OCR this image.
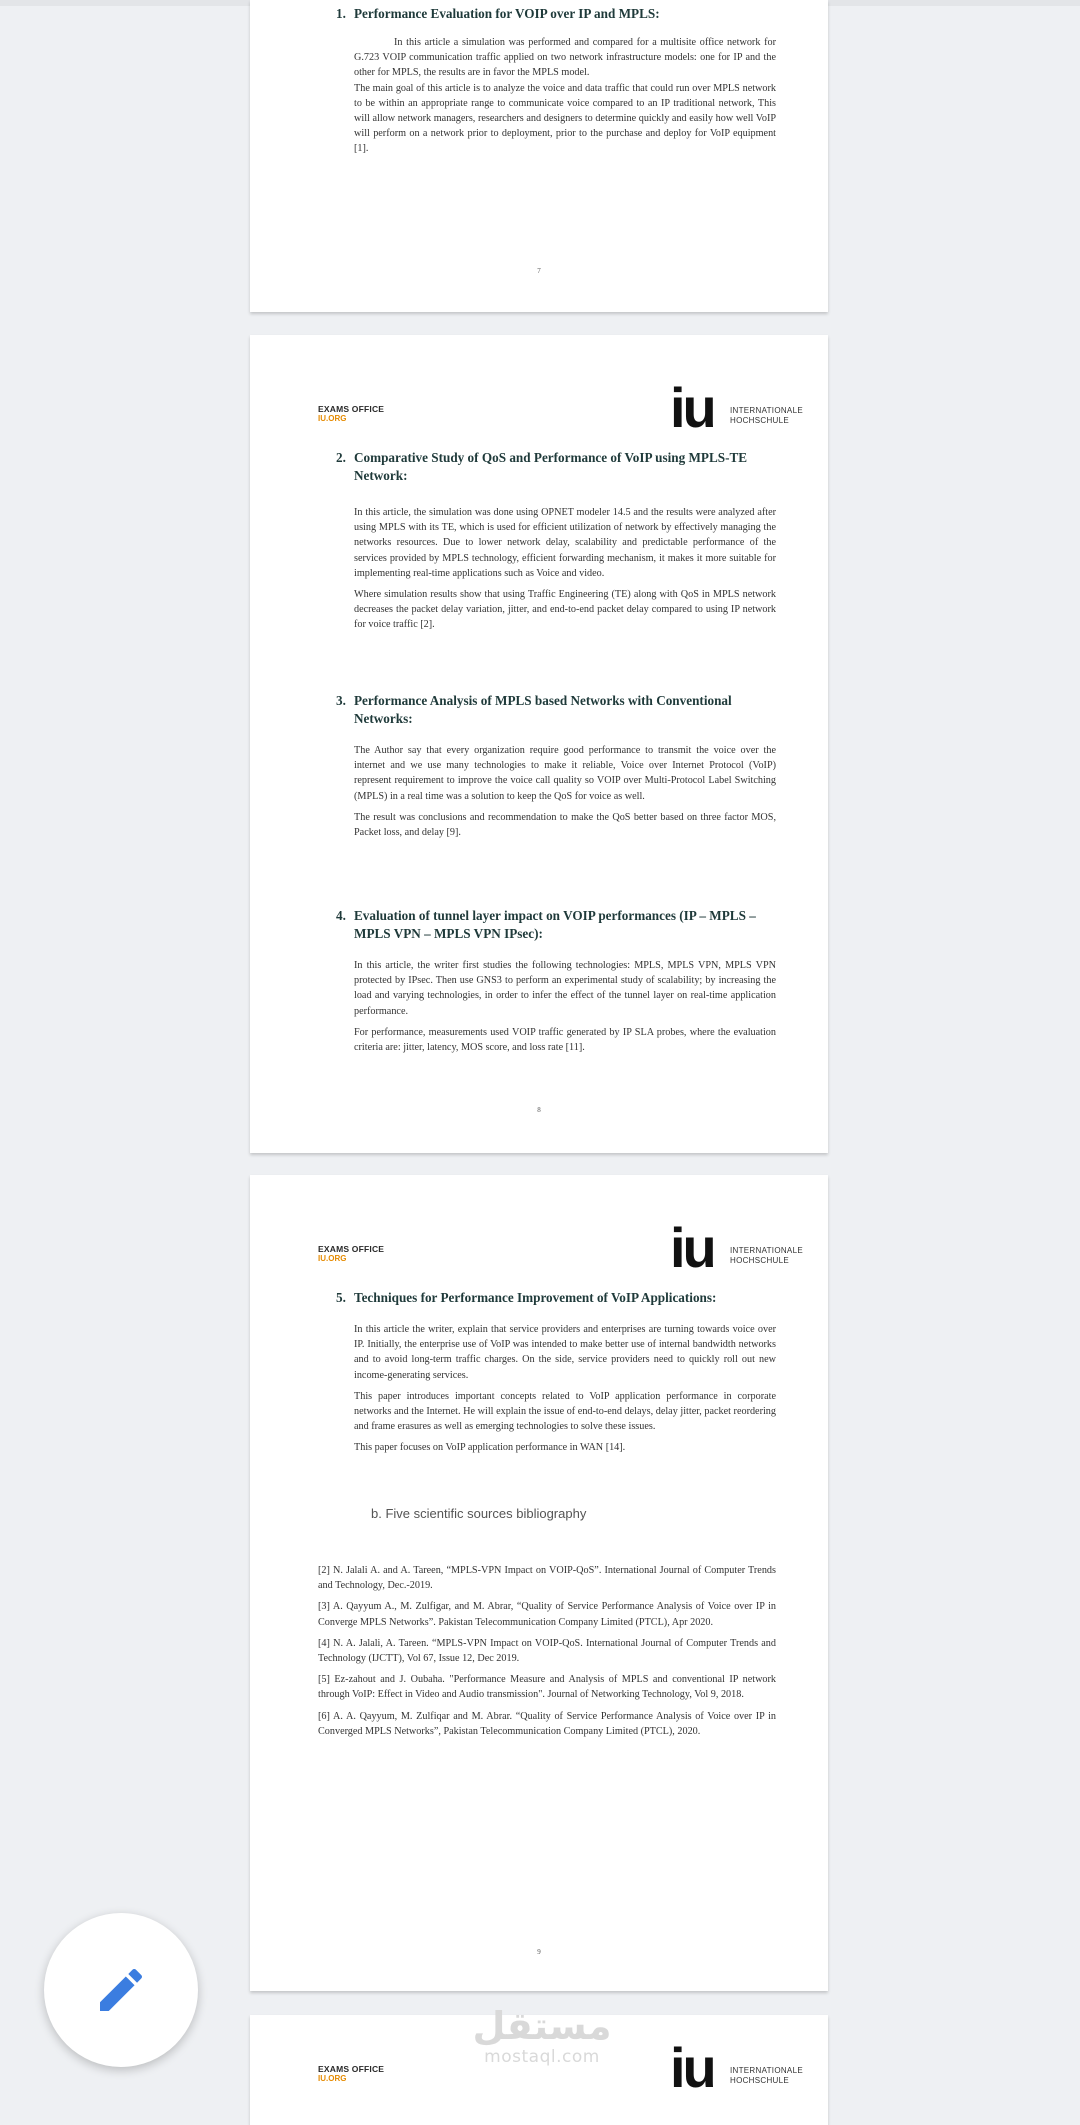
1. Performance Evaluation for VOIP over IP and MPLS:

In this article a simulation was performed and compared for a multisite office network for G.723 VOIP communication traffic applied on two network infrastructure models: one for IP and the other for MPLS, the results are in favor the MPLS model.

The main goal of this article is to analyze the voice and data traffic that could run over MPLS network to be within an appropriate range to communicate voice compared to an IP traditional network, This will allow network managers, researchers and designers to determine quickly and easily how well VoIP will perform on a network prior to deployment, prior to the purchase and deploy for VoIP equipment [1].

7
EXAMS OFFICE
IU.ORG	iu INTERNATIONALE
HOCHSCHULE
2. Comparative Study of QoS and Performance of VoIP using MPLS-TE Network:

In this article, the simulation was done using OPNET modeler 14.5 and the results were analyzed after using MPLS with its TE, which is used for efficient utilization of network by effectively managing the networks resources. Due to lower network delay, scalability and predictable performance of the services provided by MPLS technology, efficient forwarding mechanism, it makes it more suitable for implementing real-time applications such as Voice and video.

Where simulation results show that using Traffic Engineering (TE) along with QoS in MPLS network decreases the packet delay variation, jitter, and end-to-end packet delay compared to using IP network for voice traffic [2].

3. Performance Analysis of MPLS based Networks with Conventional Networks:

The Author say that every organization require good performance to transmit the voice over the internet and we use many technologies to make it reliable, Voice over Internet Protocol (VoIP) represent requirement to improve the voice call quality so VOIP over Multi-Protocol Label Switching (MPLS) in a real time was a solution to keep the QoS for voice as well.

The result was conclusions and recommendation to make the QoS better based on three factor MOS, Packet loss, and delay [9].

4. Evaluation of tunnel layer impact on VOIP performances (IP – MPLS – MPLS VPN – MPLS VPN IPsec):

In this article, the writer first studies the following technologies: MPLS, MPLS VPN, MPLS VPN protected by IPsec. Then use GNS3 to perform an experimental study of scalability; by increasing the load and varying technologies, in order to infer the effect of the tunnel layer on real-time application performance.

For performance, measurements used VOIP traffic generated by IP SLA probes, where the evaluation criteria are: jitter, latency, MOS score, and loss rate [11].

8
EXAMS OFFICE
IU.ORG	iu INTERNATIONALE
HOCHSCHULE
5. Techniques for Performance Improvement of VoIP Applications:

In this article the writer, explain that service providers and enterprises are turning towards voice over IP. Initially, the enterprise use of VoIP was intended to make better use of internal bandwidth networks and to avoid long-term traffic charges. On the side, service providers need to quickly roll out new income-generating services.

This paper introduces important concepts related to VoIP application performance in corporate networks and the Internet. He will explain the issue of end-to-end delays, delay jitter, packet reordering and frame erasures as well as emerging technologies to solve these issues.

This paper focuses on VoIP application performance in WAN [14].

b. Five scientific sources bibliography

[2] N. Jalali A. and A. Tareen, “MPLS-VPN Impact on VOIP-QoS”. International Journal of Computer Trends and Technology, Dec.-2019.

[3] A. Qayyum A., M. Zulfigar, and M. Abrar, “Quality of Service Performance Analysis of Voice over IP in Converge MPLS Networks”. Pakistan Telecommunication Company Limited (PTCL), Apr 2020.

[4] N. A. Jalali, A. Tareen. “MPLS-VPN Impact on VOIP-QoS. International Journal of Computer Trends and Technology (IJCTT), Vol 67, Issue 12, Dec 2019.

[5] Ez-zahout and J. Oubaha. "Performance Measure and Analysis of MPLS and conventional IP network through VoIP: Effect in Video and Audio transmission". Journal of Networking Technology, Vol 9, 2018.

[6] A. A. Qayyum, M. Zulfiqar and M. Abrar. “Quality of Service Performance Analysis of Voice over IP in Converged MPLS Networks”, Pakistan Telecommunication Company Limited (PTCL), 2020.

9
EXAMS OFFICE
IU.ORG	iu INTERNATIONALE
HOCHSCHULE
مستقل
mostaql.com
